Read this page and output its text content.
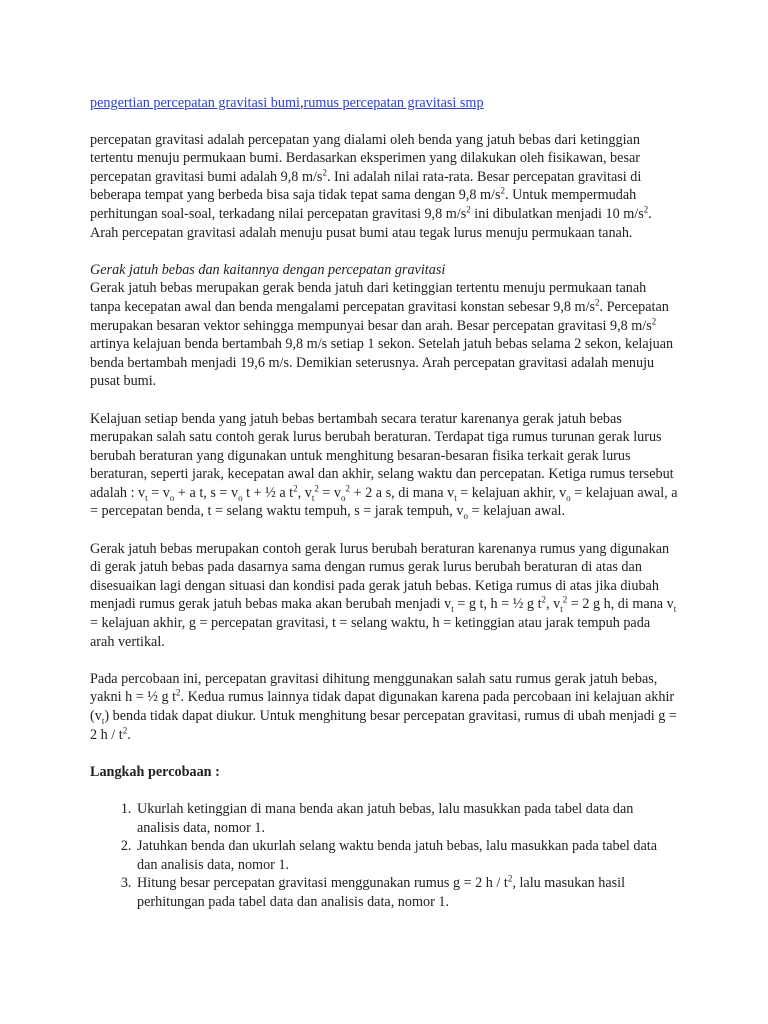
pengertian percepatan gravitasi bumi,rumus percepatan gravitasi smp

percepatan gravitasi adalah percepatan yang dialami oleh benda yang jatuh bebas dari ketinggian tertentu menuju permukaan bumi. Berdasarkan eksperimen yang dilakukan oleh fisikawan, besar percepatan gravitasi bumi adalah 9,8 $m/s^2$. Ini adalah nilai rata-rata. Besar percepatan gravitasi di beberapa tempat yang berbeda bisa saja tidak tepat sama dengan 9,8 $m/s^2$. Untuk mempermudah perhitungan soal-soal, terkadang nilai percepatan gravitasi 9,8 $m/s^2$ ini dibulatkan menjadi 10 $m/s^2$. Arah percepatan gravitasi adalah menuju pusat bumi atau tegak lurus menuju permukaan tanah.

Gerak jatuh bebas dan kaitannya dengan percepatan gravitasi
Gerak jatuh bebas merupakan gerak benda jatuh dari ketinggian tertentu menuju permukaan tanah tanpa kecepatan awal dan benda mengalami percepatan gravitasi konstan sebesar 9,8 $m/s^2$. Percepatan merupakan besaran vektor sehingga mempunyai besar dan arah. Besar percepatan gravitasi 9,8 $m/s^2$ artinya kelajuan benda bertambah 9,8 m/s setiap 1 sekon. Setelah jatuh bebas selama 2 sekon, kelajuan benda bertambah menjadi 19,6 m/s. Demikian seterusnya. Arah percepatan gravitasi adalah menuju pusat bumi.

Kelajuan setiap benda yang jatuh bebas bertambah secara teratur karenanya gerak jatuh bebas merupakan salah satu contoh gerak lurus berubah beraturan. Terdapat tiga rumus turunan gerak lurus berubah beraturan yang digunakan untuk menghitung besaran-besaran fisika terkait gerak lurus beraturan, seperti jarak, kecepatan awal dan akhir, selang waktu dan percepatan. Ketiga rumus tersebut adalah : $v_t = v_o + a$ t, $s = v_o$ t + ½ a $t^2$, $v_t^2 = v_o^2 + 2$ a s, di mana $v_t$ = kelajuan akhir, $v_o$ = kelajuan awal, a = percepatan benda, t = selang waktu tempuh, s = jarak tempuh, $v_o$ = kelajuan awal.

Gerak jatuh bebas merupakan contoh gerak lurus berubah beraturan karenanya rumus yang digunakan di gerak jatuh bebas pada dasarnya sama dengan rumus gerak lurus berubah beraturan di atas dan disesuaikan lagi dengan situasi dan kondisi pada gerak jatuh bebas. Ketiga rumus di atas jika diubah menjadi rumus gerak jatuh bebas maka akan berubah menjadi $v_t = g$ t, h = ½ g $t^2$, $v_t^2 = 2$ g h, di mana $v_t$ = kelajuan akhir, g = percepatan gravitasi, t = selang waktu, h = ketinggian atau jarak tempuh pada arah vertikal.

Pada percobaan ini, percepatan gravitasi dihitung menggunakan salah satu rumus gerak jatuh bebas, yakni h = ½ g $t^2$. Kedua rumus lainnya tidak dapat digunakan karena pada percobaan ini kelajuan akhir $(v_t)$ benda tidak dapat diukur. Untuk menghitung besar percepatan gravitasi, rumus di ubah menjadi g = 2 h / $t^2$.

Langkah percobaan :

1. Ukurlah ketinggian di mana benda akan jatuh bebas, lalu masukkan pada tabel data dan analisis data, nomor 1.
2. Jatuhkan benda dan ukurlah selang waktu benda jatuh bebas, lalu masukkan pada tabel data dan analisis data, nomor 1.
3. Hitung besar percepatan gravitasi menggunakan rumus g = 2 h / $t^2$, lalu masukan hasil perhitungan pada tabel data dan analisis data, nomor 1.
